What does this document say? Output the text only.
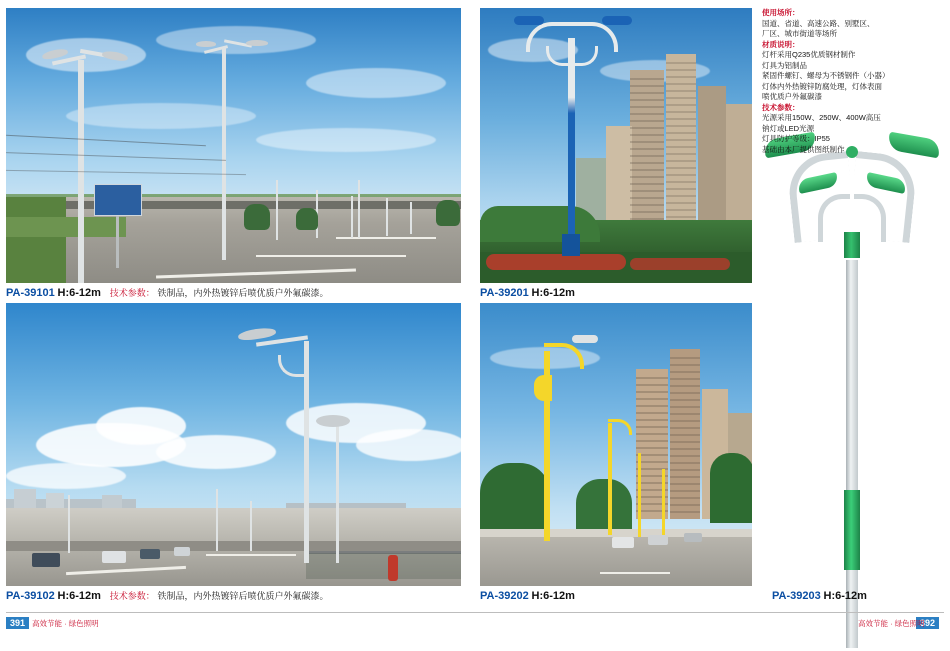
PA-39101 H:6-12m 技术参数： 铁制品，内外热镀锌后喷优质户外氟碳漆。
PA-39102 H:6-12m 技术参数： 铁制品，内外热镀锌后喷优质户外氟碳漆。
PA-39201 H:6-12m
PA-39202 H:6-12m	PA-39203 H:6-12m
使用场所：
国道、省道、高速公路、别墅区、
厂区、城市街道等场所
材质说明：
灯杆采用Q235优质钢材制作
灯具为铝制品
紧固件螺钉、螺母为不锈钢件（小器）
灯体内外热镀锌防腐处理，灯体表面
喷优质户外氟碳漆
技术参数：
光源采用150W、250W、400W高压
钠灯或LED光源
灯具防护等级：IP55
基础由本厂提供图纸制作
391 高效节能 · 绿色照明	392
高效节能 · 绿色照明
